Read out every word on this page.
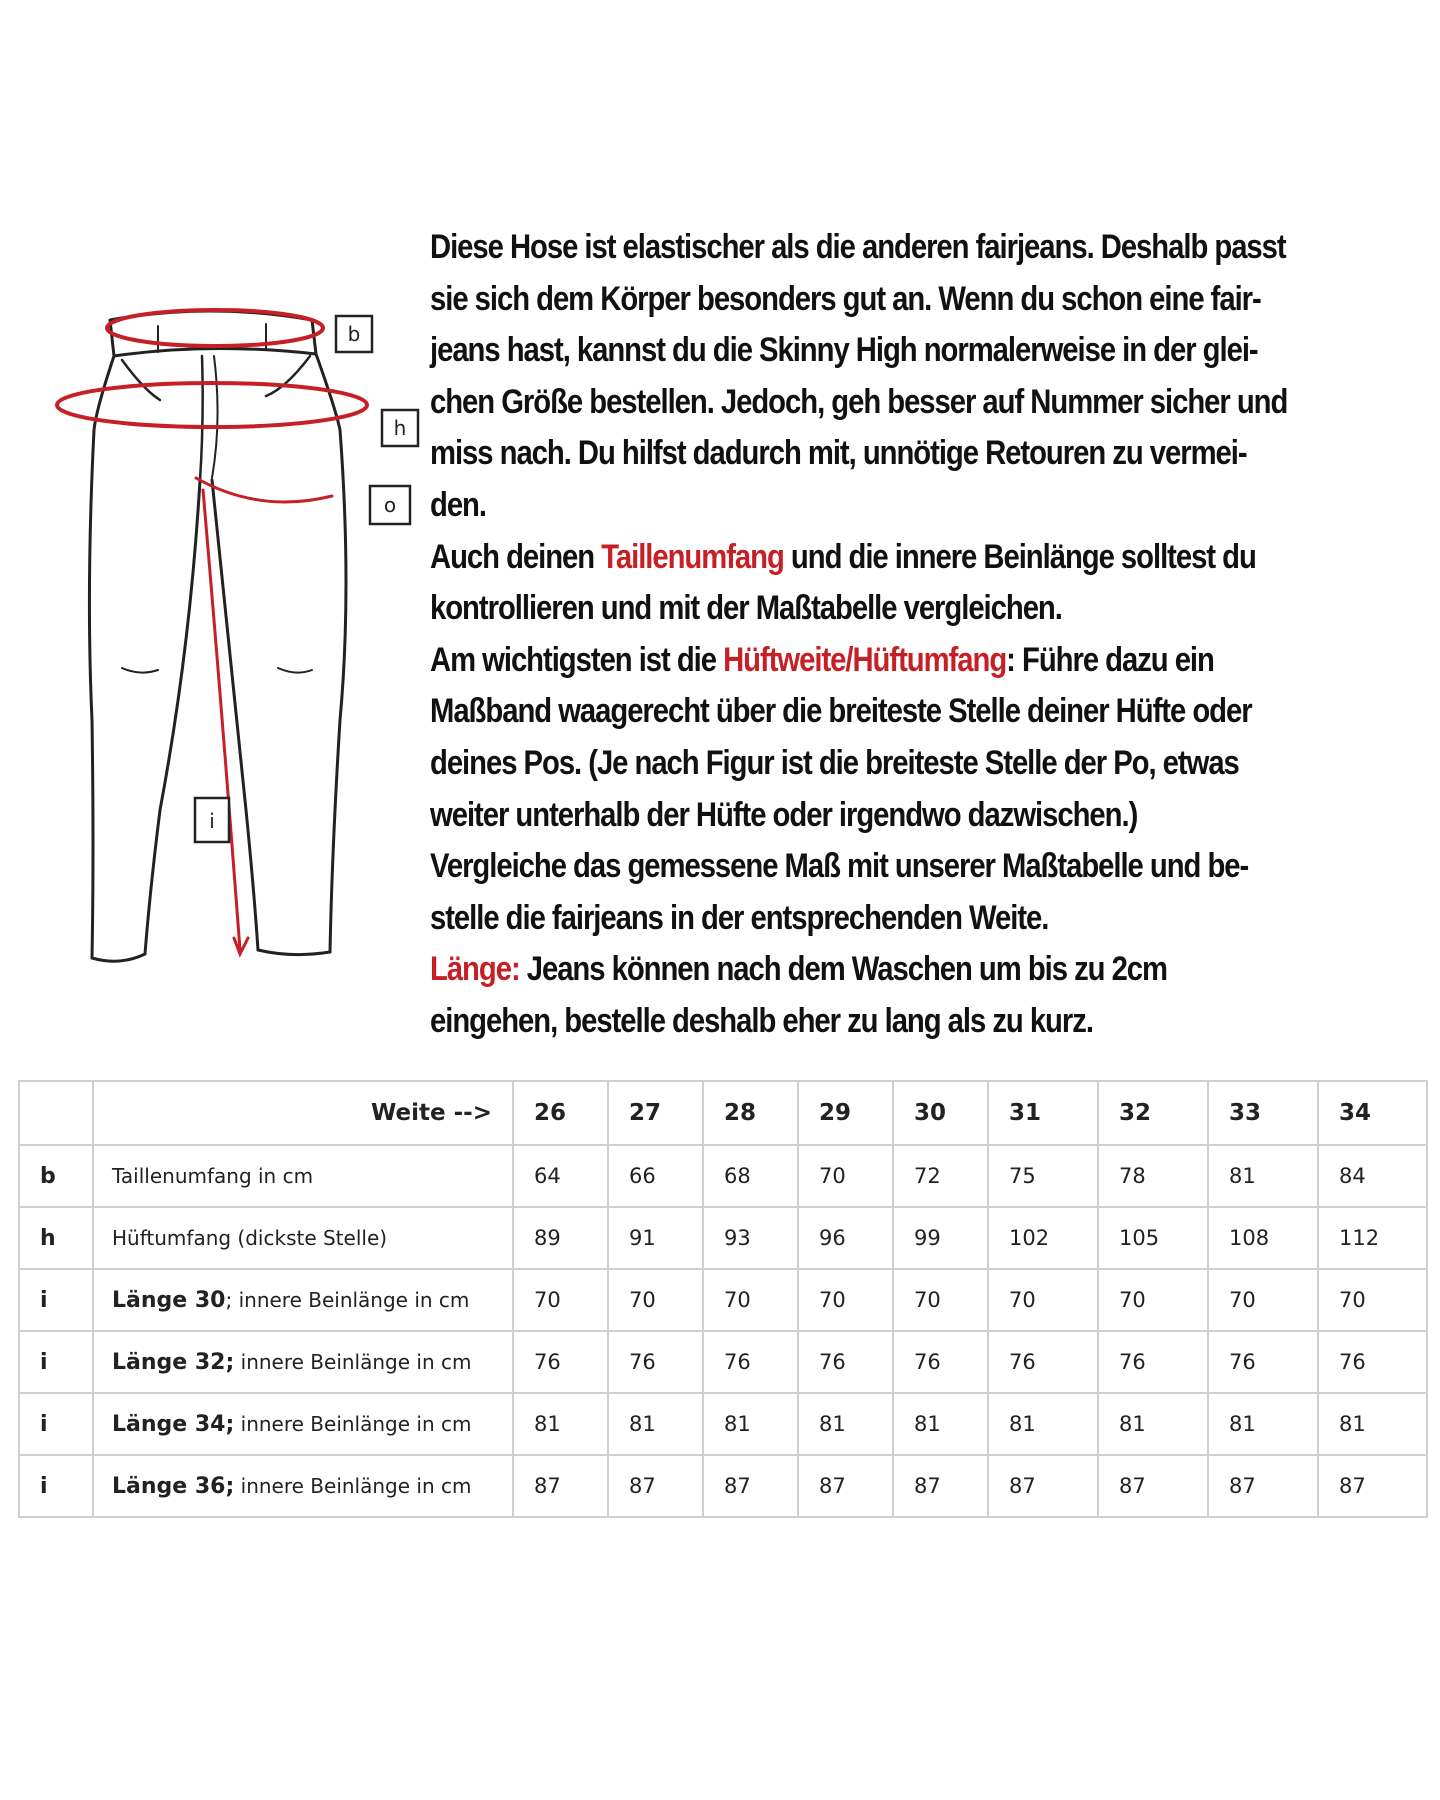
b
h
o
i

Diese Hose ist elastischer als die anderen fairjeans. Deshalb passt sie sich dem Körper besonders gut an. Wenn du schon eine fair-jeans hast, kannst du die Skinny High normalerweise in der glei-chen Größe bestellen. Jedoch, geh besser auf Nummer sicher und miss nach. Du hilfst dadurch mit, unnötige Retouren zu vermei-den.

Auch deinen Taillenumfang und die innere Beinlänge solltest du kontrollieren und mit der Maßtabelle vergleichen.

Am wichtigsten ist die Hüftweite/Hüftumfang: Führe dazu ein Maßband waagerecht über die breiteste Stelle deiner Hüfte oder deines Pos. (Je nach Figur ist die breiteste Stelle der Po, etwas weiter unterhalb der Hüfte oder irgendwo dazwischen.)

Vergleiche das gemessene Maß mit unserer Maßtabelle und be-stelle die fairjeans in der entsprechenden Weite.

Länge: Jeans können nach dem Waschen um bis zu 2cm eingehen, bestelle deshalb eher zu lang als zu kurz.

	Weite -->	26	27	28	29	30	31	32	33	34
b	Taillenumfang in cm	64	66	68	70	72	75	78	81	84
h	Hüftumfang (dickste Stelle)	89	91	93	96	99	102	105	108	112
i	Länge 30; innere Beinlänge in cm	70	70	70	70	70	70	70	70	70
i	Länge 32; innere Beinlänge in cm	76	76	76	76	76	76	76	76	76
i	Länge 34; innere Beinlänge in cm	81	81	81	81	81	81	81	81	81
i	Länge 36; innere Beinlänge in cm	87	87	87	87	87	87	87	87	87
